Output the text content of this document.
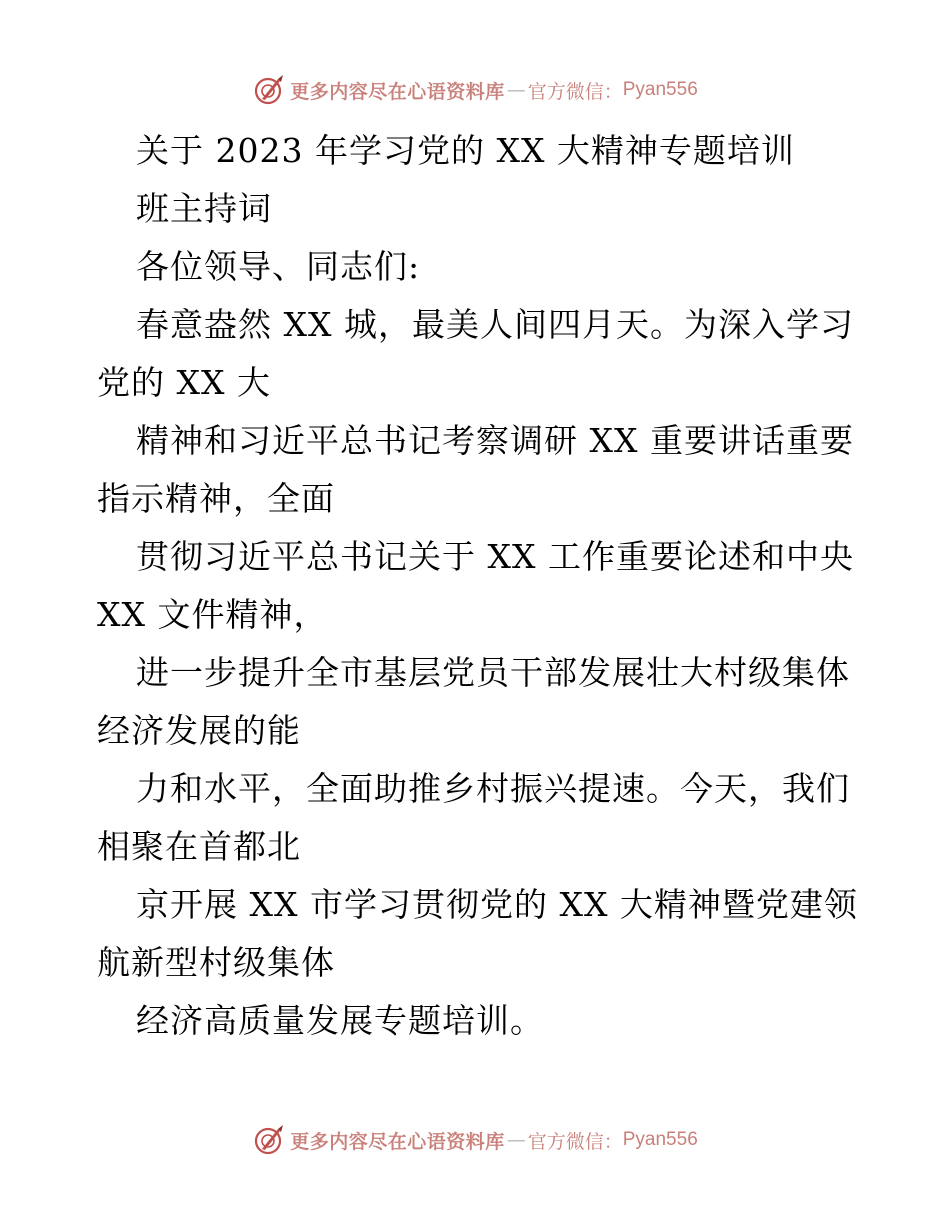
更多内容尽在心语资料库 — 官方微信： Pyan556
关于 2023 年学习党的 XX 大精神专题培训
班主持词
各位领导、同志们:
春意盎然 XX 城，最美人间四月天。为深入学习
党的 XX 大
精神和习近平总书记考察调研 XX 重要讲话重要
指示精神，全面
贯彻习近平总书记关于 XX 工作重要论述和中央
XX 文件精神，
进一步提升全市基层党员干部发展壮大村级集体
经济发展的能
力和水平，全面助推乡村振兴提速。今天，我们
相聚在首都北
京开展 XX 市学习贯彻党的 XX 大精神暨党建领
航新型村级集体
经济高质量发展专题培训。
更多内容尽在心语资料库 — 官方微信： Pyan556
